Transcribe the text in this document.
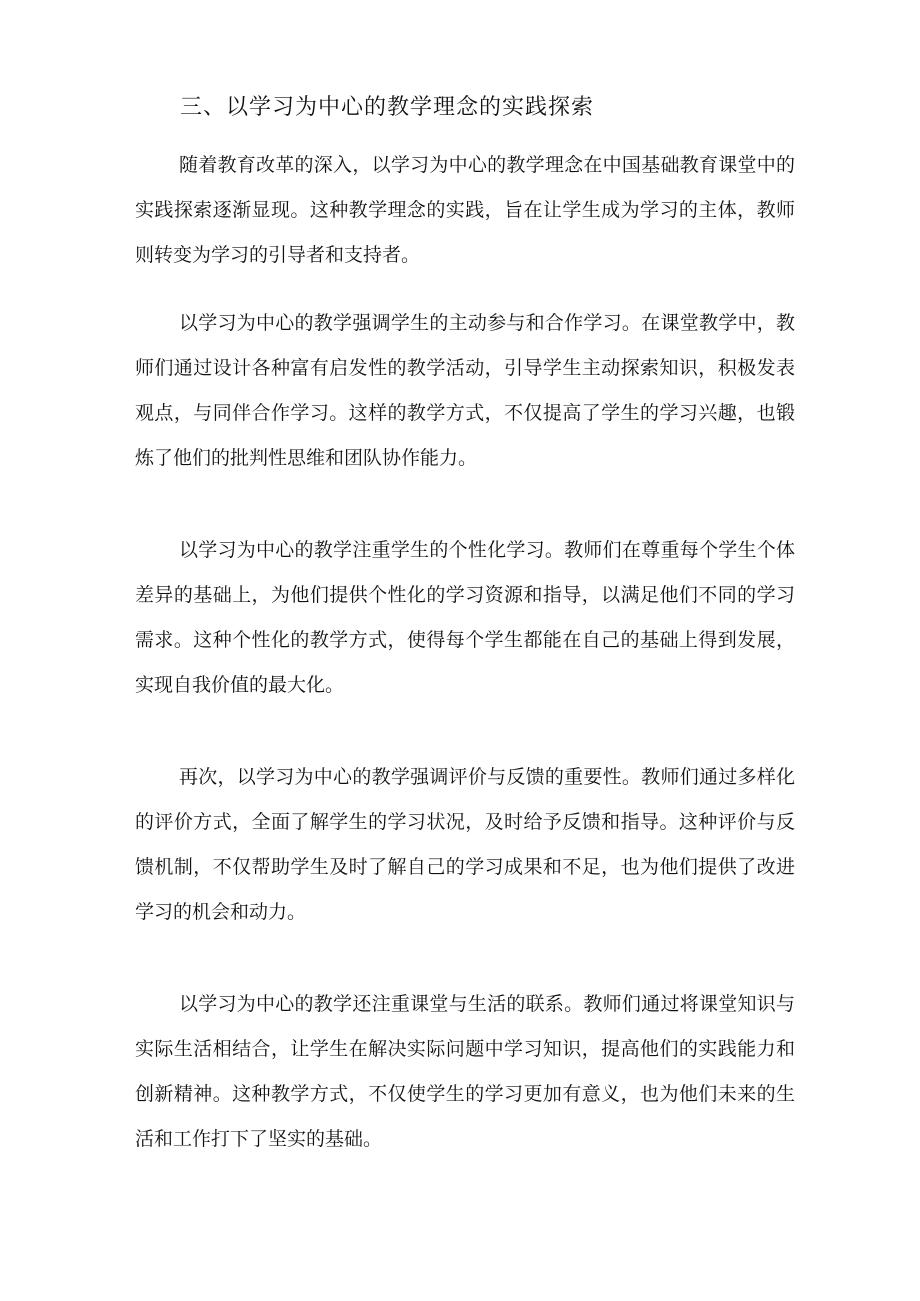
三、以学习为中心的教学理念的实践探索

随着教育改革的深入，以学习为中心的教学理念在中国基础教育课堂中的实践探索逐渐显现。这种教学理念的实践，旨在让学生成为学习的主体，教师则转变为学习的引导者和支持者。

以学习为中心的教学强调学生的主动参与和合作学习。在课堂教学中，教师们通过设计各种富有启发性的教学活动，引导学生主动探索知识，积极发表观点，与同伴合作学习。这样的教学方式，不仅提高了学生的学习兴趣，也锻炼了他们的批判性思维和团队协作能力。

以学习为中心的教学注重学生的个性化学习。教师们在尊重每个学生个体差异的基础上，为他们提供个性化的学习资源和指导，以满足他们不同的学习需求。这种个性化的教学方式，使得每个学生都能在自己的基础上得到发展，实现自我价值的最大化。

再次，以学习为中心的教学强调评价与反馈的重要性。教师们通过多样化的评价方式，全面了解学生的学习状况，及时给予反馈和指导。这种评价与反馈机制，不仅帮助学生及时了解自己的学习成果和不足，也为他们提供了改进学习的机会和动力。

以学习为中心的教学还注重课堂与生活的联系。教师们通过将课堂知识与实际生活相结合，让学生在解决实际问题中学习知识，提高他们的实践能力和创新精神。这种教学方式，不仅使学生的学习更加有意义，也为他们未来的生活和工作打下了坚实的基础。
